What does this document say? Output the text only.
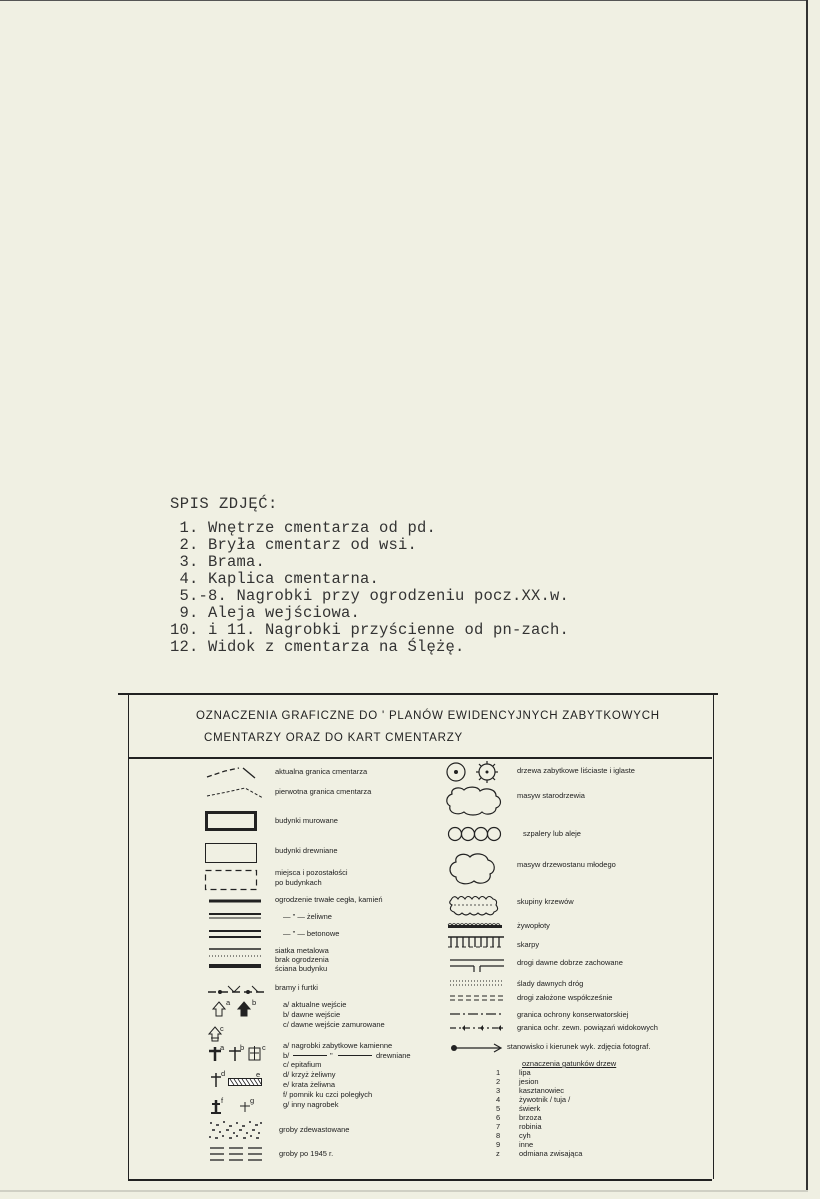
SPIS ZDJĘĆ:
1. Wnętrze cmentarza od pd.
2. Bryła cmentarz od wsi.
3. Brama.
4. Kaplica cmentarna.
5.-8. Nagrobki przy ogrodzeniu pocz.XX.w.
9. Aleja wejściowa.
10. i 11. Nagrobki przyścienne od pn-zach.
12. Widok z cmentarza na Ślężę.
OZNACZENIA GRAFICZNE DO ' PLANÓW EWIDENCYJNYCH ZABYTKOWYCH
CMENTARZY ORAZ DO KART CMENTARZY
aktualna granica cmentarza
pierwotna granica cmentarza
budynki murowane
budynki drewniane
miejsca i pozostałości
po budynkach
ogrodzenie trwałe cegła, kamień
— " — żeliwne
— " — betonowe
siatka metalowa
brak ogrodzenia
ściana budynku
bramy i furtki
a	b
c
a/ aktualne wejście
b/ dawne wejście
c/ dawne wejście zamurowane
a b c a/ nagrobki zabytkowe kamienne
b/	"	drewniane
c/ epitafium
d	e	d/ krzyż żeliwny
e/ krata żeliwna
f/ pomnik ku czci poległych
g/ inny nagrobek
f	g
groby zdewastowane
groby po 1945 r.
drzewa zabytkowe liściaste i iglaste
masyw starodrzewia
szpalery lub aleje
masyw drzewostanu młodego
skupiny krzewów
żywopłoty
skarpy
drogi dawne dobrze zachowane
ślady dawnych dróg
drogi założone współcześnie
granica ochrony konserwatorskiej
granica ochr. zewn. powiązań widokowych
stanowisko i kierunek wyk. zdjęcia fotograf.
oznaczenia gatunków drzew
1	lipa
2	jesion
3	kasztanowiec
4	żywotnik / tuja /
5	świerk
6	brzoza
7	robinia
8	cyh
9	inne
z	odmiana zwisająca
